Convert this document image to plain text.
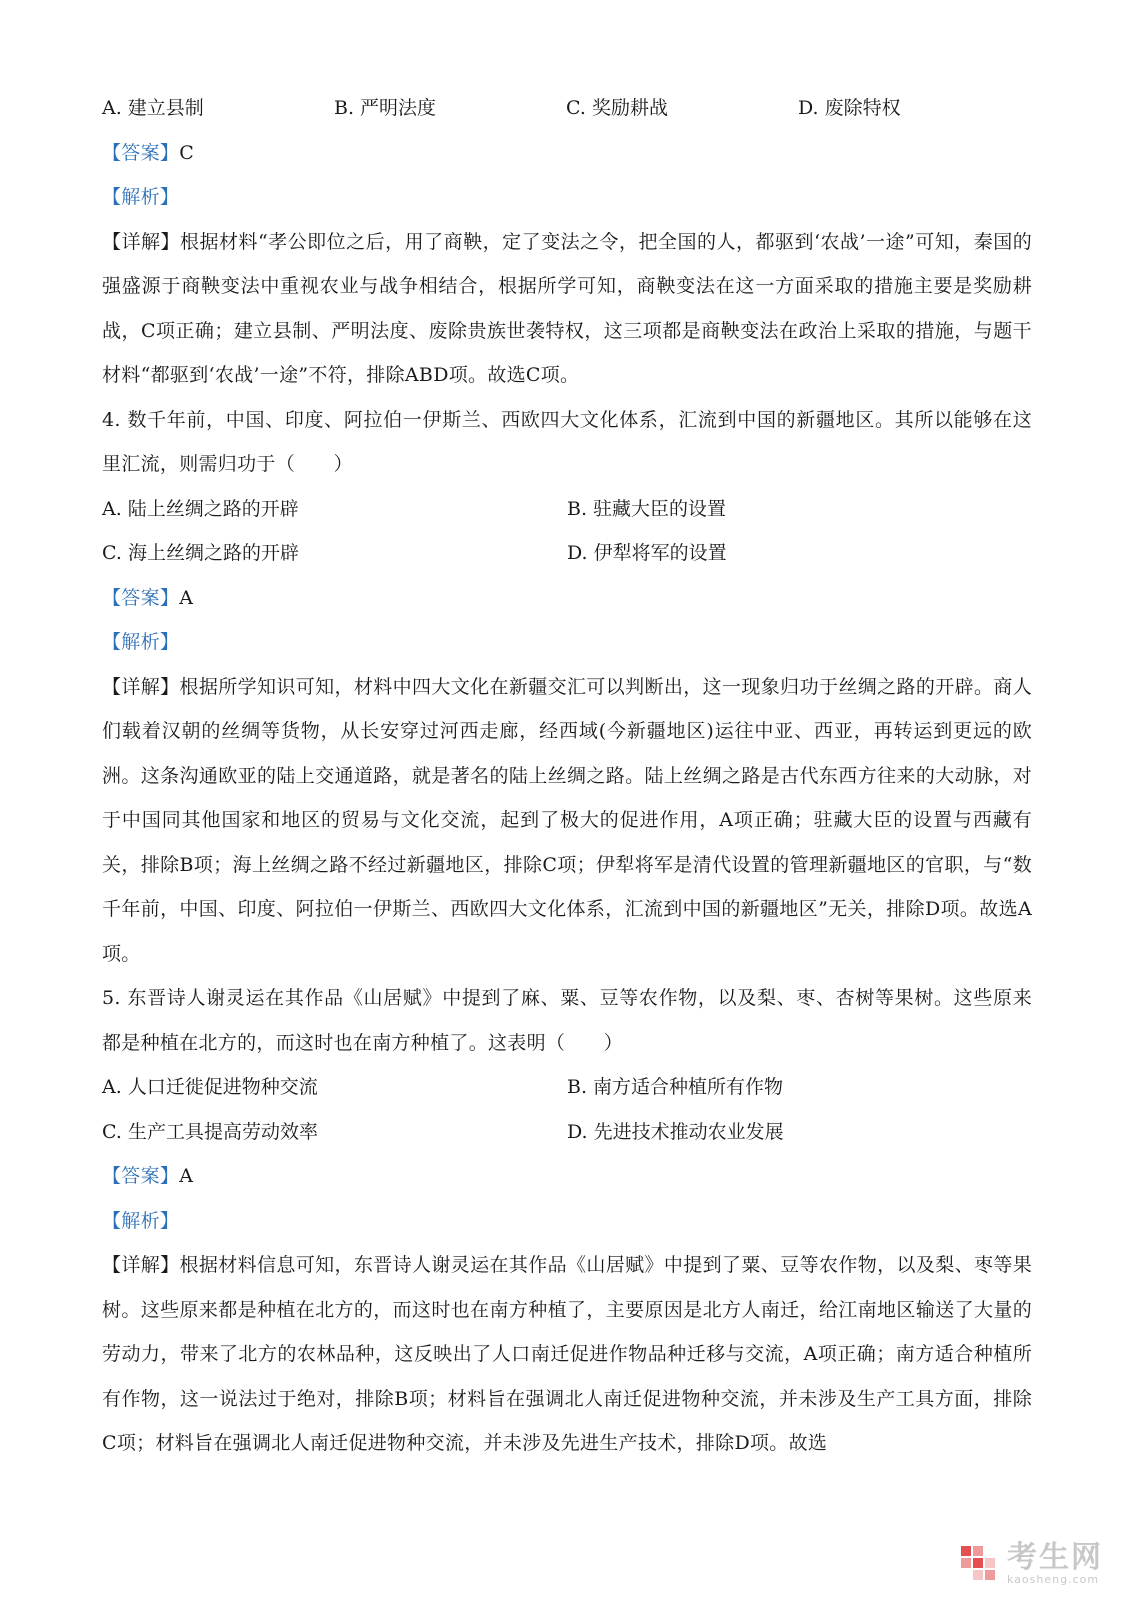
A. 建立县制	B. 严明法度	C. 奖励耕战	D. 废除特权
【答案】C
【解析】
【详解】根据材料“孝公即位之后，用了商鞅，定了变法之令，把全国的人，都驱到‘农战’一途”可知，秦国的强盛源于商鞅变法中重视农业与战争相结合，根据所学可知，商鞅变法在这一方面采取的措施主要是奖励耕战，C项正确；建立县制、严明法度、废除贵族世袭特权，这三项都是商鞅变法在政治上采取的措施，与题干材料“都驱到‘农战’一途”不符，排除ABD项。故选C项。
4. 数千年前，中国、印度、阿拉伯一伊斯兰、西欧四大文化体系，汇流到中国的新疆地区。其所以能够在这里汇流，则需归功于（　　）
A. 陆上丝绸之路的开辟	B. 驻藏大臣的设置
C. 海上丝绸之路的开辟	D. 伊犁将军的设置
【答案】A
【解析】
【详解】根据所学知识可知，材料中四大文化在新疆交汇可以判断出，这一现象归功于丝绸之路的开辟。商人们载着汉朝的丝绸等货物，从长安穿过河西走廊，经西域(今新疆地区)运往中亚、西亚，再转运到更远的欧洲。这条沟通欧亚的陆上交通道路，就是著名的陆上丝绸之路。陆上丝绸之路是古代东西方往来的大动脉，对于中国同其他国家和地区的贸易与文化交流，起到了极大的促进作用，A项正确；驻藏大臣的设置与西藏有关，排除B项；海上丝绸之路不经过新疆地区，排除C项；伊犁将军是清代设置的管理新疆地区的官职，与“数千年前，中国、印度、阿拉伯一伊斯兰、西欧四大文化体系，汇流到中国的新疆地区”无关，排除D项。故选A项。
5. 东晋诗人谢灵运在其作品《山居赋》中提到了麻、粟、豆等农作物，以及梨、枣、杏树等果树。这些原来都是种植在北方的，而这时也在南方种植了。这表明（　　）
A. 人口迁徙促进物种交流	B. 南方适合种植所有作物
C. 生产工具提高劳动效率	D. 先进技术推动农业发展
【答案】A
【解析】
【详解】根据材料信息可知，东晋诗人谢灵运在其作品《山居赋》中提到了粟、豆等农作物，以及梨、枣等果树。这些原来都是种植在北方的，而这时也在南方种植了，主要原因是北方人南迁，给江南地区输送了大量的劳动力，带来了北方的农林品种，这反映出了人口南迁促进作物品种迁移与交流，A项正确；南方适合种植所有作物，这一说法过于绝对，排除B项；材料旨在强调北人南迁促进物种交流，并未涉及生产工具方面，排除C项；材料旨在强调北人南迁促进物种交流，并未涉及先进生产技术，排除D项。故选
考生网
kaosheng.com
